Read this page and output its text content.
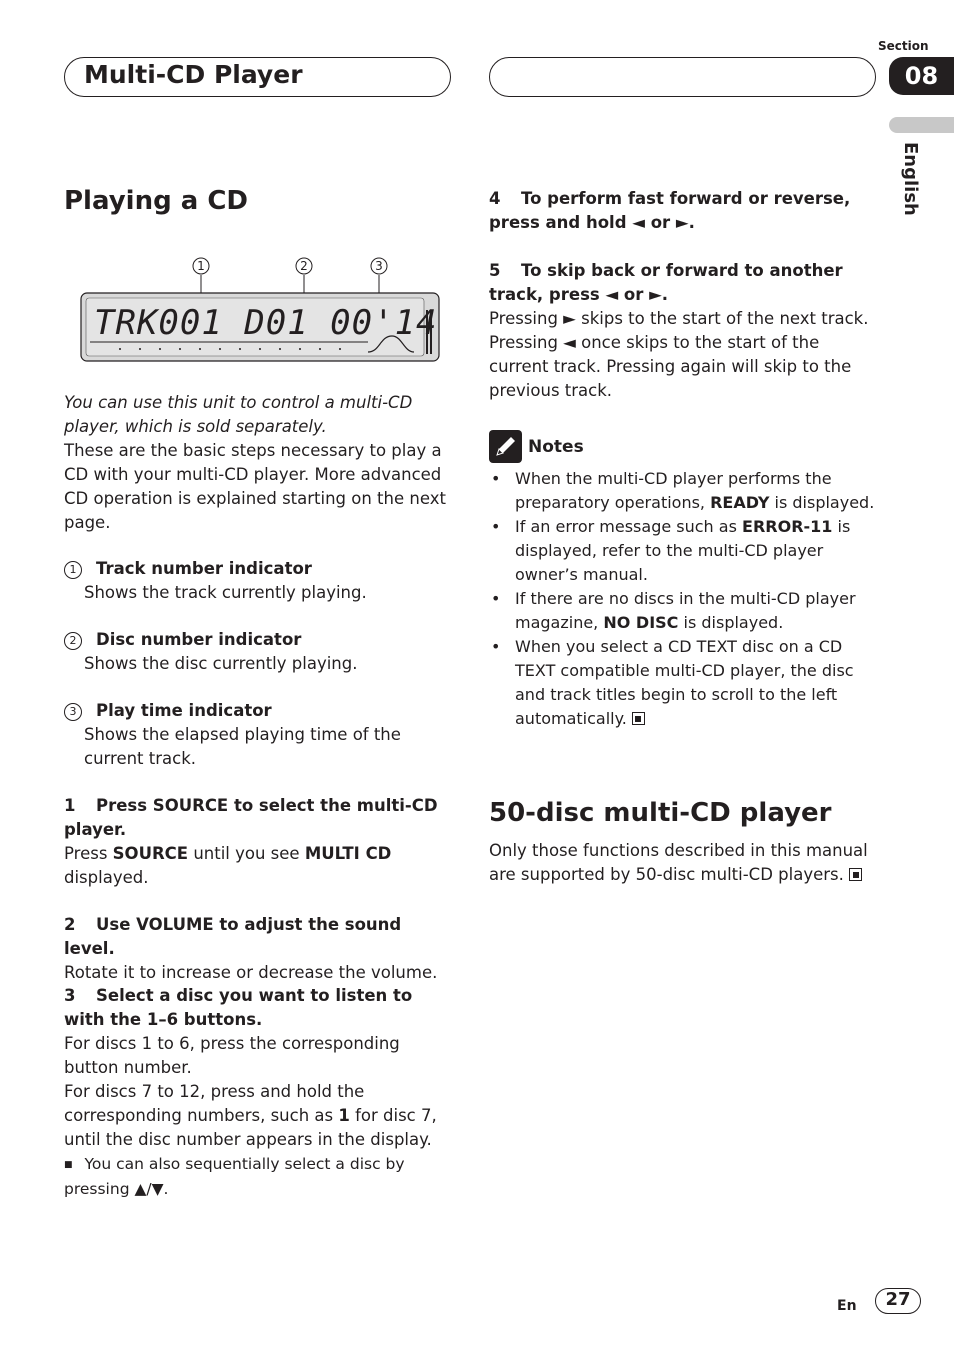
Multi-CD Player
Section
08
English
Playing a CD
1	2	3
TRK001 D01 00'14

You can use this unit to control a multi-CD player, which is sold separately.

These are the basic steps necessary to play a CD with your multi-CD player. More advanced CD operation is explained starting on the next page.

1 Track number indicator
Shows the track currently playing.
2 Disc number indicator
Shows the disc currently playing.
3 Play time indicator
Shows the elapsed playing time of the current track.
1 Press SOURCE to select the multi-CD player.
Press SOURCE until you see MULTI CD displayed.
2 Use VOLUME to adjust the sound level.
Rotate it to increase or decrease the volume.
3 Select a disc you want to listen to with the 1–6 buttons.
For discs 1 to 6, press the corresponding button number.
For discs 7 to 12, press and hold the corresponding numbers, such as 1 for disc 7, until the disc number appears in the display.
■ You can also sequentially select a disc by pressing ▲/▼.
4 To perform fast forward or reverse, press and hold ◄ or ►.
5 To skip back or forward to another track, press ◄ or ►.
Pressing ► skips to the start of the next track. Pressing ◄ once skips to the start of the current track. Pressing again will skip to the previous track.
Notes
• When the multi-CD player performs the preparatory operations, READY is displayed.
• If an error message such as ERROR-11 is displayed, refer to the multi-CD player owner’s manual.
• If there are no discs in the multi-CD player magazine, NO DISC is displayed.
• When you select a CD TEXT disc on a CD TEXT compatible multi-CD player, the disc and track titles begin to scroll to the left automatically.
50-disc multi-CD player

Only those functions described in this manual are supported by 50-disc multi-CD players.

En	27
